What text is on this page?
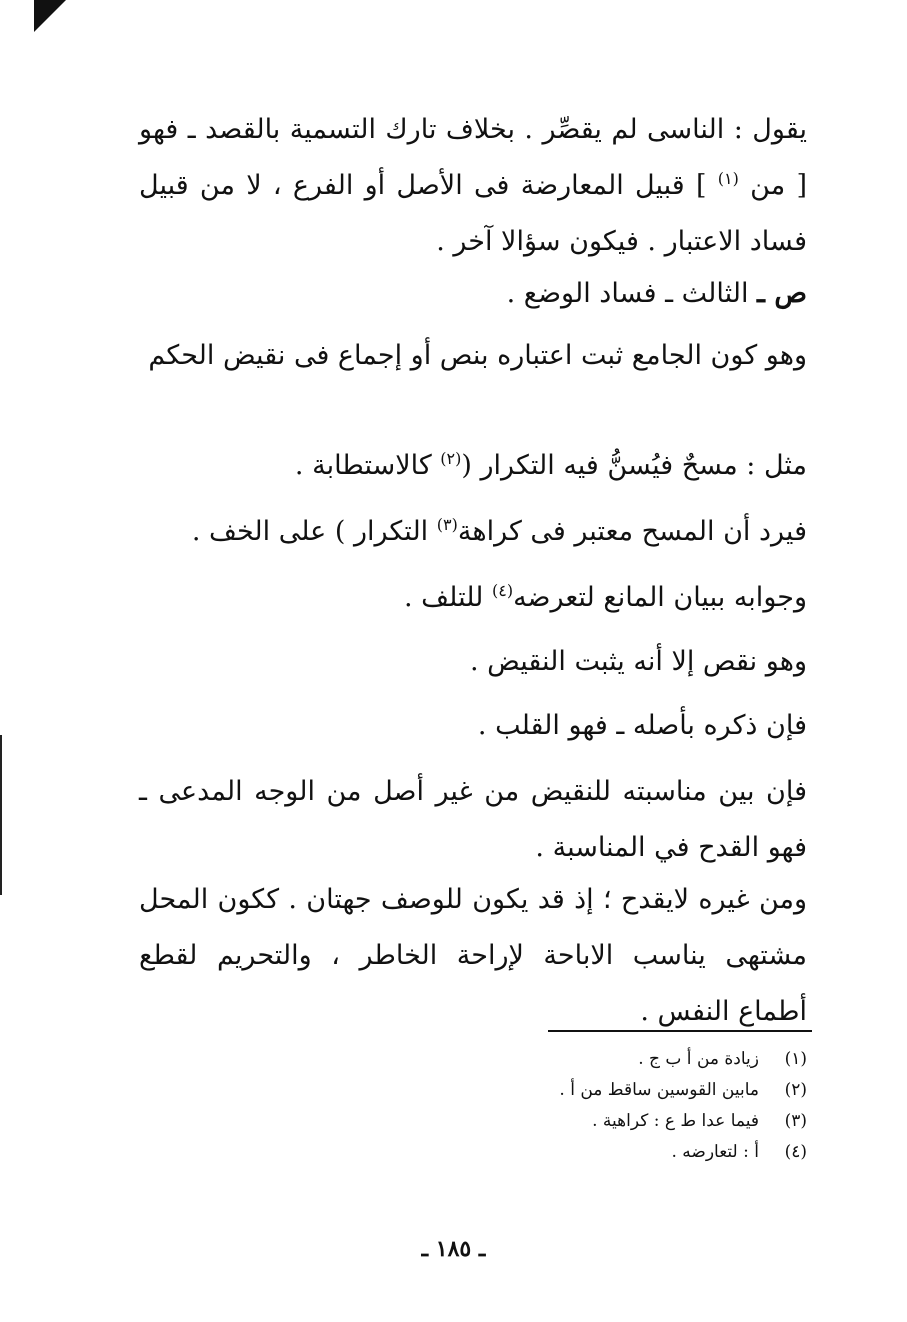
يقول : الناسى لم يقصِّر . بخلاف تارك التسمية بالقصد ـ فهو [ من $^{(١)}$ ] قبيل المعارضة فى الأصل أو الفرع ، لا من قبيل فساد الاعتبار . فيكون سؤالا آخر .
ص ـ الثالث ـ فساد الوضع .
وهو كون الجامع ثبت اعتباره بنص أو إجماع فى نقيض الحكم
مثل : مسحٌ فيُسنُّ فيه التكرار ($^{(٢)}$ كالاستطابة .
فيرد أن المسح معتبر فى كراهة$^{(٣)}$ التكرار ) على الخف .
وجوابه ببيان المانع لتعرضه$^{(٤)}$ للتلف .
وهو نقص إلا أنه يثبت النقيض .
فإن ذكره بأصله ـ فهو القلب .
فإن بين مناسبته للنقيض من غير أصل من الوجه المدعى ـ فهو القدح في المناسبة .
ومن غيره لايقدح ؛ إذ قد يكون للوصف جهتان . ككون المحل مشتهى يناسب الاباحة لإراحة الخاطر ، والتحريم لقطع أطماع النفس .
(١)
زيادة من أ ب ج .
(٢)
مابين القوسين ساقط من أ .
(٣)
فيما عدا ط ع : كراهية .
(٤)
أ : لتعارضه .
ـ ١٨٥ ـ
